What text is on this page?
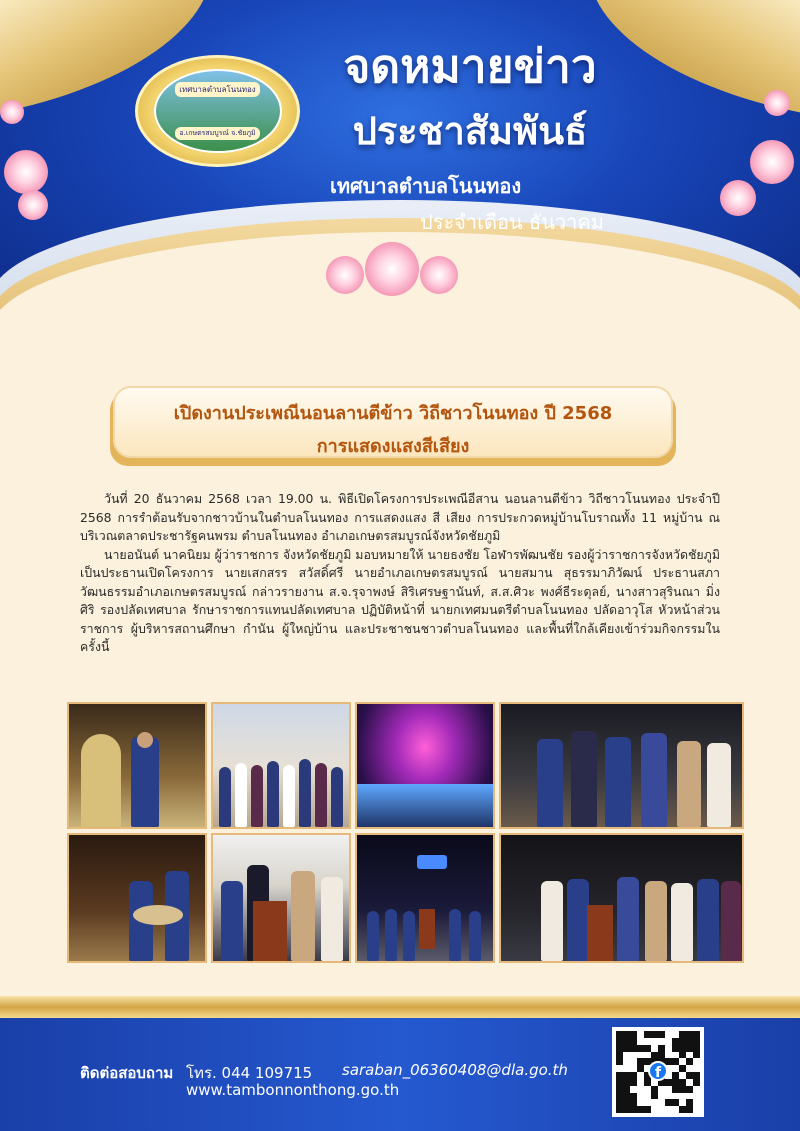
เทศบาลตำบลโนนทอง
อ.เกษตรสมบูรณ์ จ.ชัยภูมิ
จดหมายข่าว
ประชาสัมพันธ์
เทศบาลตำบลโนนทอง
ประจำเดือน ธันวาคม
เปิดงานประเพณีนอนลานตีข้าว วิถีชาวโนนทอง ปี 2568
การแสดงแสงสีเสียง

วันที่ 20 ธันวาคม 2568 เวลา 19.00 น. พิธีเปิดโครงการประเพณีอีสาน นอนลานตีข้าว วิถีชาวโนนทอง ประจำปี 2568 การรำต้อนรับจากชาวบ้านในตำบลโนนทอง การแสดงแสง สี เสียง การประกวดหมู่บ้านโบราณทั้ง 11 หมู่บ้าน ณ บริเวณตลาดประชารัฐคนพรม ตำบลโนนทอง อำเภอเกษตรสมบูรณ์จังหวัดชัยภูมิ

นายอนันต์ นาคนิยม ผู้ว่าราชการ จังหวัดชัยภูมิ มอบหมายให้ นายธงชัย โอฬารพัฒนชัย รองผู้ว่าราชการจังหวัดชัยภูมิ เป็นประธานเปิดโครงการ นายเสกสรร สวัสดิ์ศรี นายอำเภอเกษตรสมบูรณ์ นายสมาน สุธรรมาภิวัฒน์ ประธานสภาวัฒนธรรมอำเภอเกษตรสมบูรณ์ กล่าวรายงาน ส.จ.รุจาพงษ์ สิริเศรษฐานันท์, ส.ส.ศิวะ พงศ์ธีระดุลย์, นางสาวสุรินณา มิ่งศิริ รองปลัดเทศบาล รักษาราชการแทนปลัดเทศบาล ปฏิบัติหน้าที่ นายกเทศมนตรีตำบลโนนทอง ปลัดอาวุโส หัวหน้าส่วนราชการ ผู้บริหารสถานศึกษา กำนัน ผู้ใหญ่บ้าน และประชาชนชาวตำบลโนนทอง และพื้นที่ใกล้เคียงเข้าร่วมกิจกรรมในครั้งนี้

ติดต่อสอบถาม โทร. 044 109715 saraban_06360408@dla.go.th
www.tambonnonthong.go.th
f
